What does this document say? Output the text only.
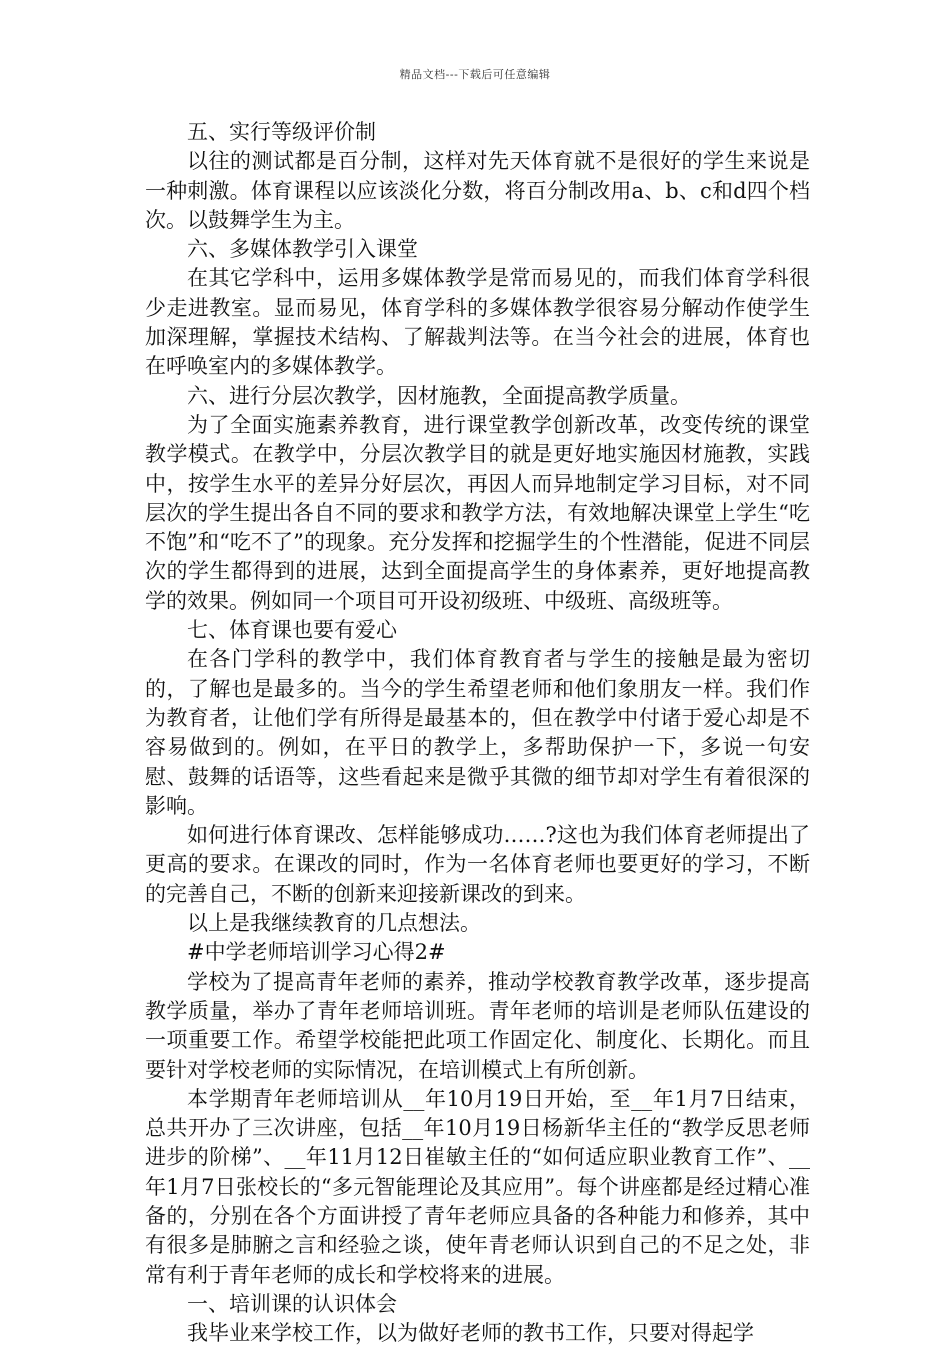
精品文档---下载后可任意编辑

五、实行等级评价制

以往的测试都是百分制，这样对先天体育就不是很好的学生来说是一种刺激。体育课程以应该淡化分数，将百分制改用a、b、c和d四个档次。以鼓舞学生为主。

六、多媒体教学引入课堂

在其它学科中，运用多媒体教学是常而易见的，而我们体育学科很少走进教室。显而易见，体育学科的多媒体教学很容易分解动作使学生加深理解，掌握技术结构、了解裁判法等。在当今社会的进展，体育也在呼唤室内的多媒体教学。

六、进行分层次教学，因材施教，全面提高教学质量。

为了全面实施素养教育，进行课堂教学创新改革，改变传统的课堂教学模式。在教学中，分层次教学目的就是更好地实施因材施教，实践中，按学生水平的差异分好层次，再因人而异地制定学习目标，对不同层次的学生提出各自不同的要求和教学方法，有效地解决课堂上学生“吃不饱”和“吃不了”的现象。充分发挥和挖掘学生的个性潜能，促进不同层次的学生都得到的进展，达到全面提高学生的身体素养，更好地提高教学的效果。例如同一个项目可开设初级班、中级班、高级班等。

七、体育课也要有爱心

在各门学科的教学中，我们体育教育者与学生的接触是最为密切的，了解也是最多的。当今的学生希望老师和他们象朋友一样。我们作为教育者，让他们学有所得是最基本的，但在教学中付诸于爱心却是不容易做到的。例如，在平日的教学上，多帮助保护一下，多说一句安慰、鼓舞的话语等，这些看起来是微乎其微的细节却对学生有着很深的影响。

如何进行体育课改、怎样能够成功……?这也为我们体育老师提出了更高的要求。在课改的同时，作为一名体育老师也要更好的学习，不断的完善自己，不断的创新来迎接新课改的到来。

以上是我继续教育的几点想法。

#中学老师培训学习心得2#

学校为了提高青年老师的素养，推动学校教育教学改革，逐步提高教学质量，举办了青年老师培训班。青年老师的培训是老师队伍建设的一项重要工作。希望学校能把此项工作固定化、制度化、长期化。而且要针对学校老师的实际情况，在培训模式上有所创新。

本学期青年老师培训从__年10月19日开始，至__年1月7日结束，总共开办了三次讲座，包括__年10月19日杨新华主任的“教学反思老师进步的阶梯”、__年11月12日崔敏主任的“如何适应职业教育工作”、__年1月7日张校长的“多元智能理论及其应用”。每个讲座都是经过精心准备的，分别在各个方面讲授了青年老师应具备的各种能力和修养，其中有很多是肺腑之言和经验之谈，使年青老师认识到自己的不足之处，非常有利于青年老师的成长和学校将来的进展。

一、培训课的认识体会

我毕业来学校工作，以为做好老师的教书工作，只要对得起学
